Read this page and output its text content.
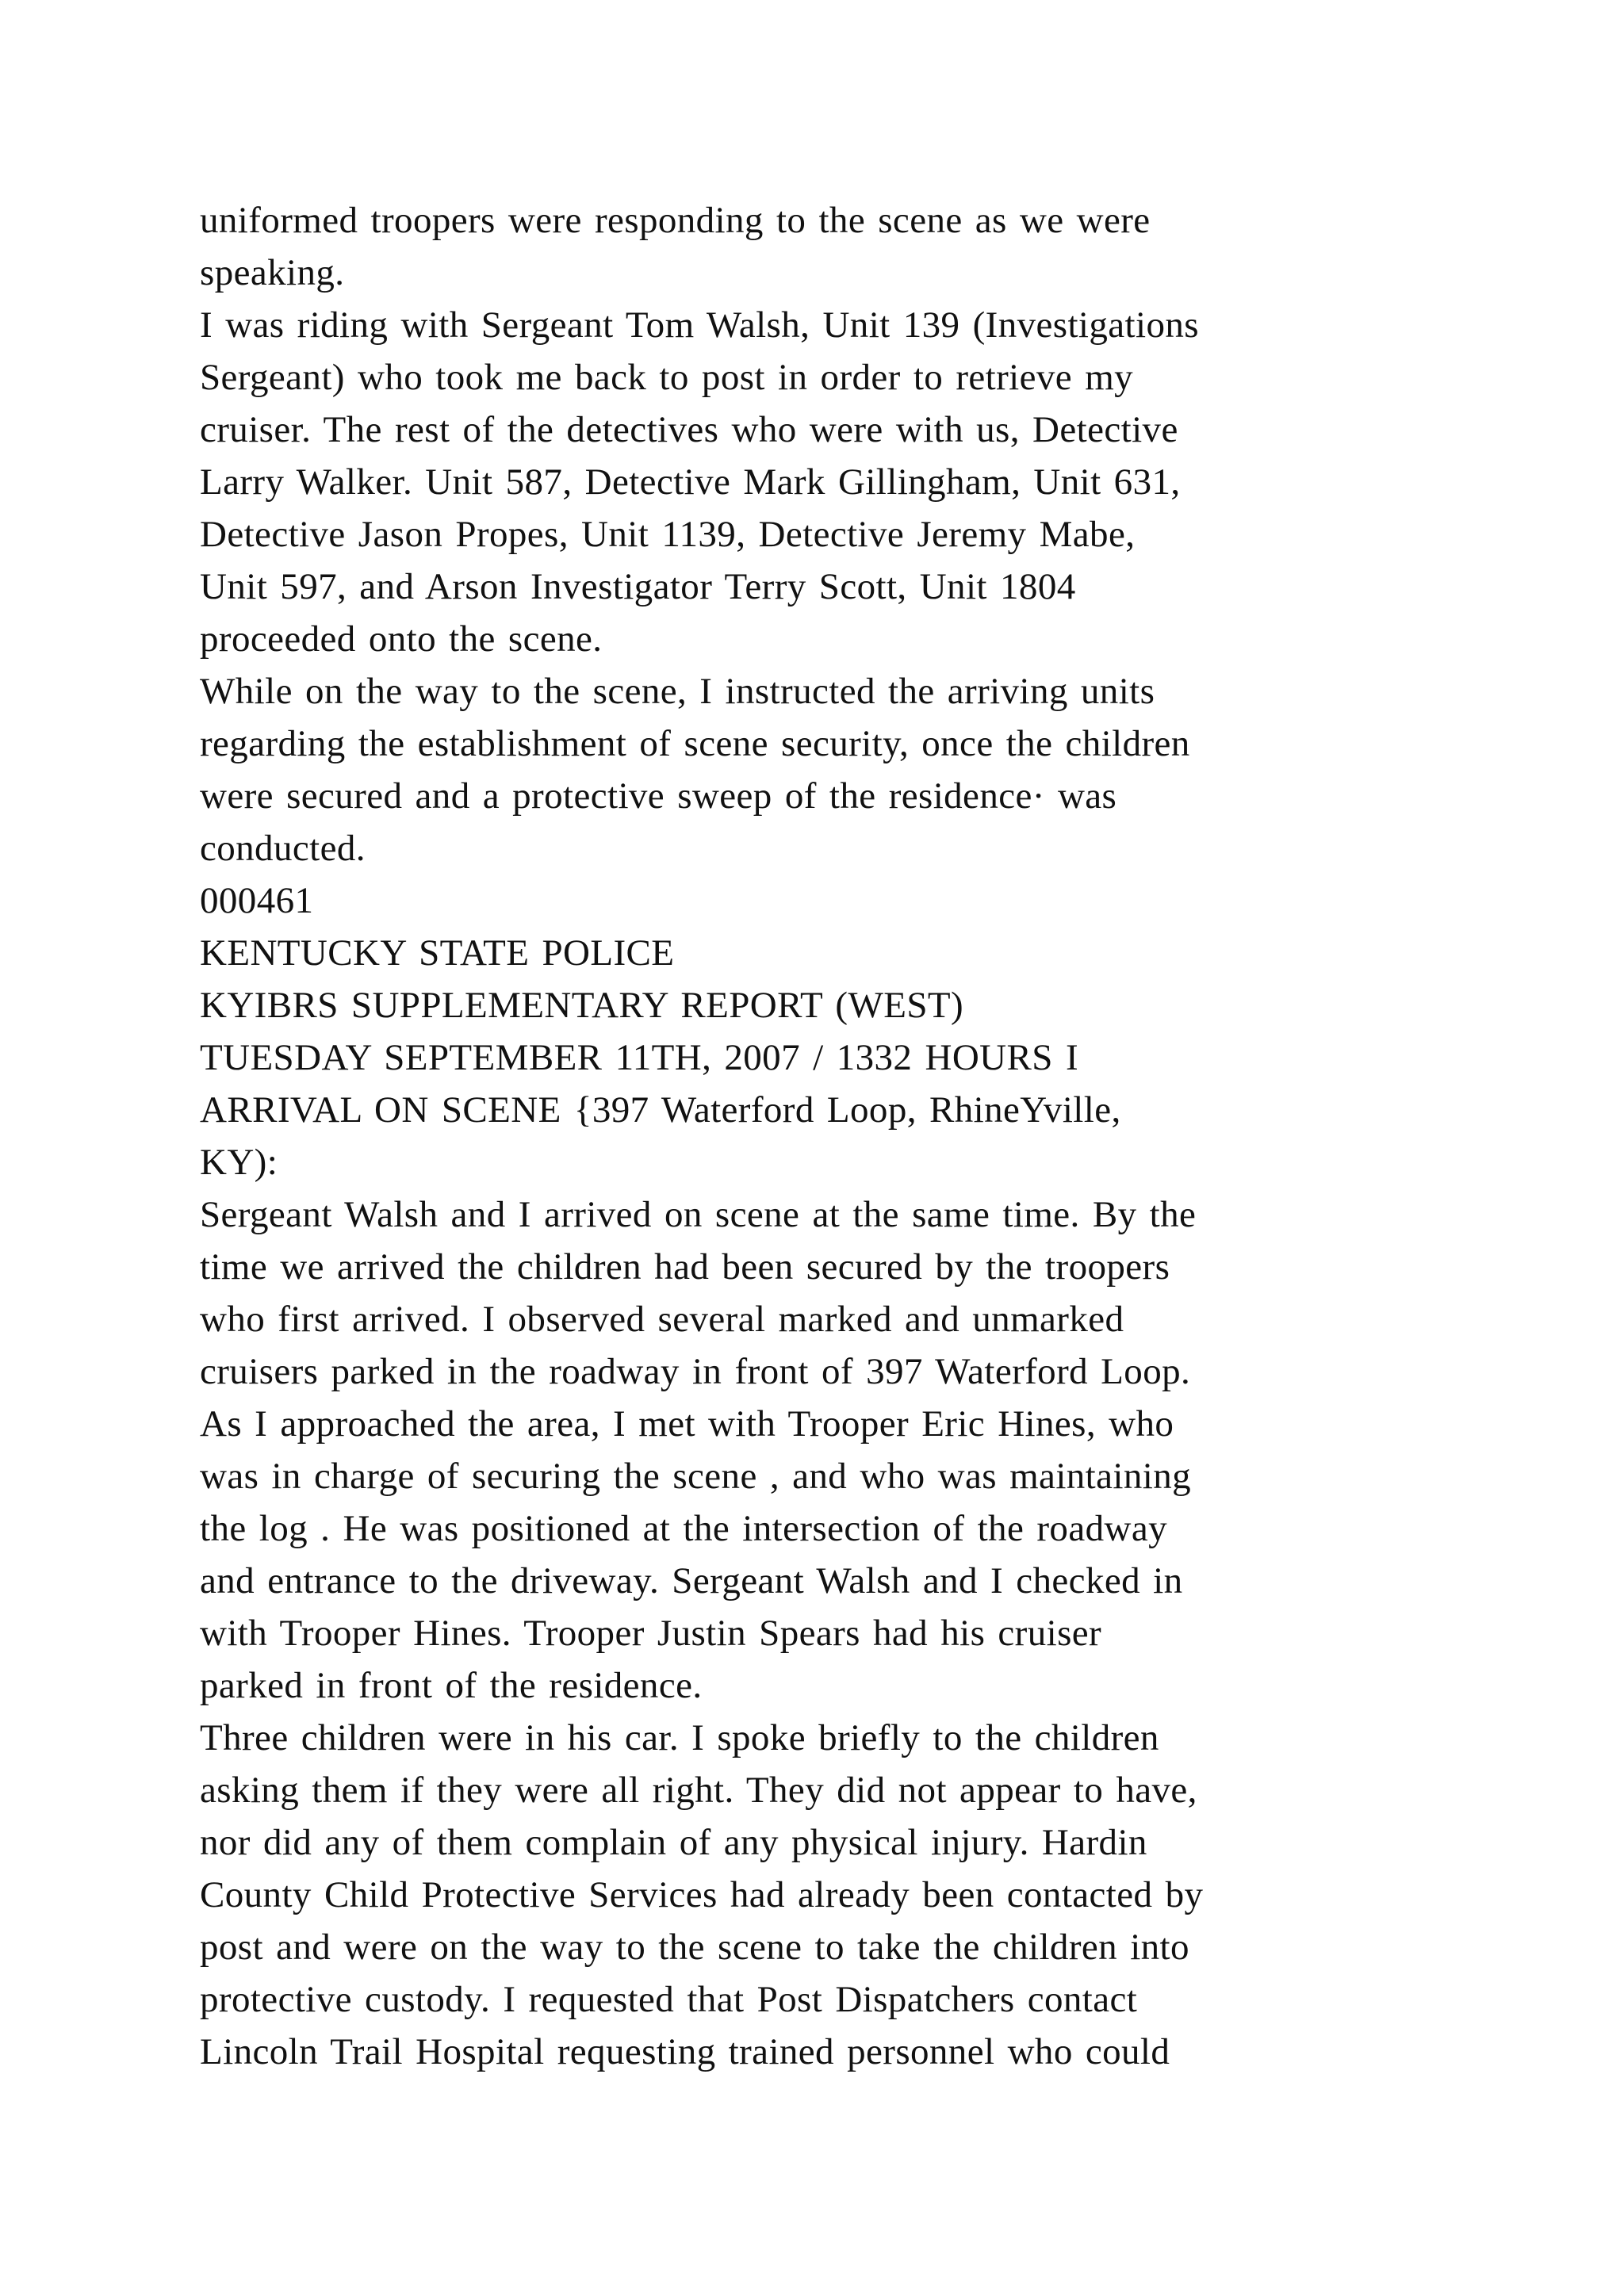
uniformed troopers were responding to the scene as we were
speaking.
I was riding with Sergeant Tom Walsh, Unit 139 (Investigations
Sergeant) who took me back to post in order to retrieve my
cruiser. The rest of the detectives who were with us, Detective
Larry Walker. Unit 587, Detective Mark Gillingham, Unit 631,
Detective Jason Propes, Unit 1139, Detective Jeremy Mabe,
Unit 597, and Arson Investigator Terry Scott, Unit 1804
proceeded onto the scene.
While on the way to the scene, I instructed the arriving units
regarding the establishment of scene security, once the children
were secured and a protective sweep of the residence· was
conducted.
000461
KENTUCKY STATE POLICE
KYIBRS SUPPLEMENTARY REPORT (WEST)
TUESDAY SEPTEMBER 11TH, 2007 / 1332 HOURS I
ARRIVAL ON SCENE {397 Waterford Loop, RhineYville,
KY):
Sergeant Walsh and I arrived on scene at the same time. By the
time we arrived the children had been secured by the troopers
who first arrived. I observed several marked and unmarked
cruisers parked in the roadway in front of 397 Waterford Loop.
As I approached the area, I met with Trooper Eric Hines, who
was in charge of securing the scene , and who was maintaining
the log . He was positioned at the intersection of the roadway
and entrance to the driveway. Sergeant Walsh and I checked in
with Trooper Hines. Trooper Justin Spears had his cruiser
parked in front of the residence.
Three children were in his car. I spoke briefly to the children
asking them if they were all right. They did not appear to have,
nor did any of them complain of any physical injury. Hardin
County Child Protective Services had already been contacted by
post and were on the way to the scene to take the children into
protective custody. I requested that Post Dispatchers contact
Lincoln Trail Hospital requesting trained personnel who could
